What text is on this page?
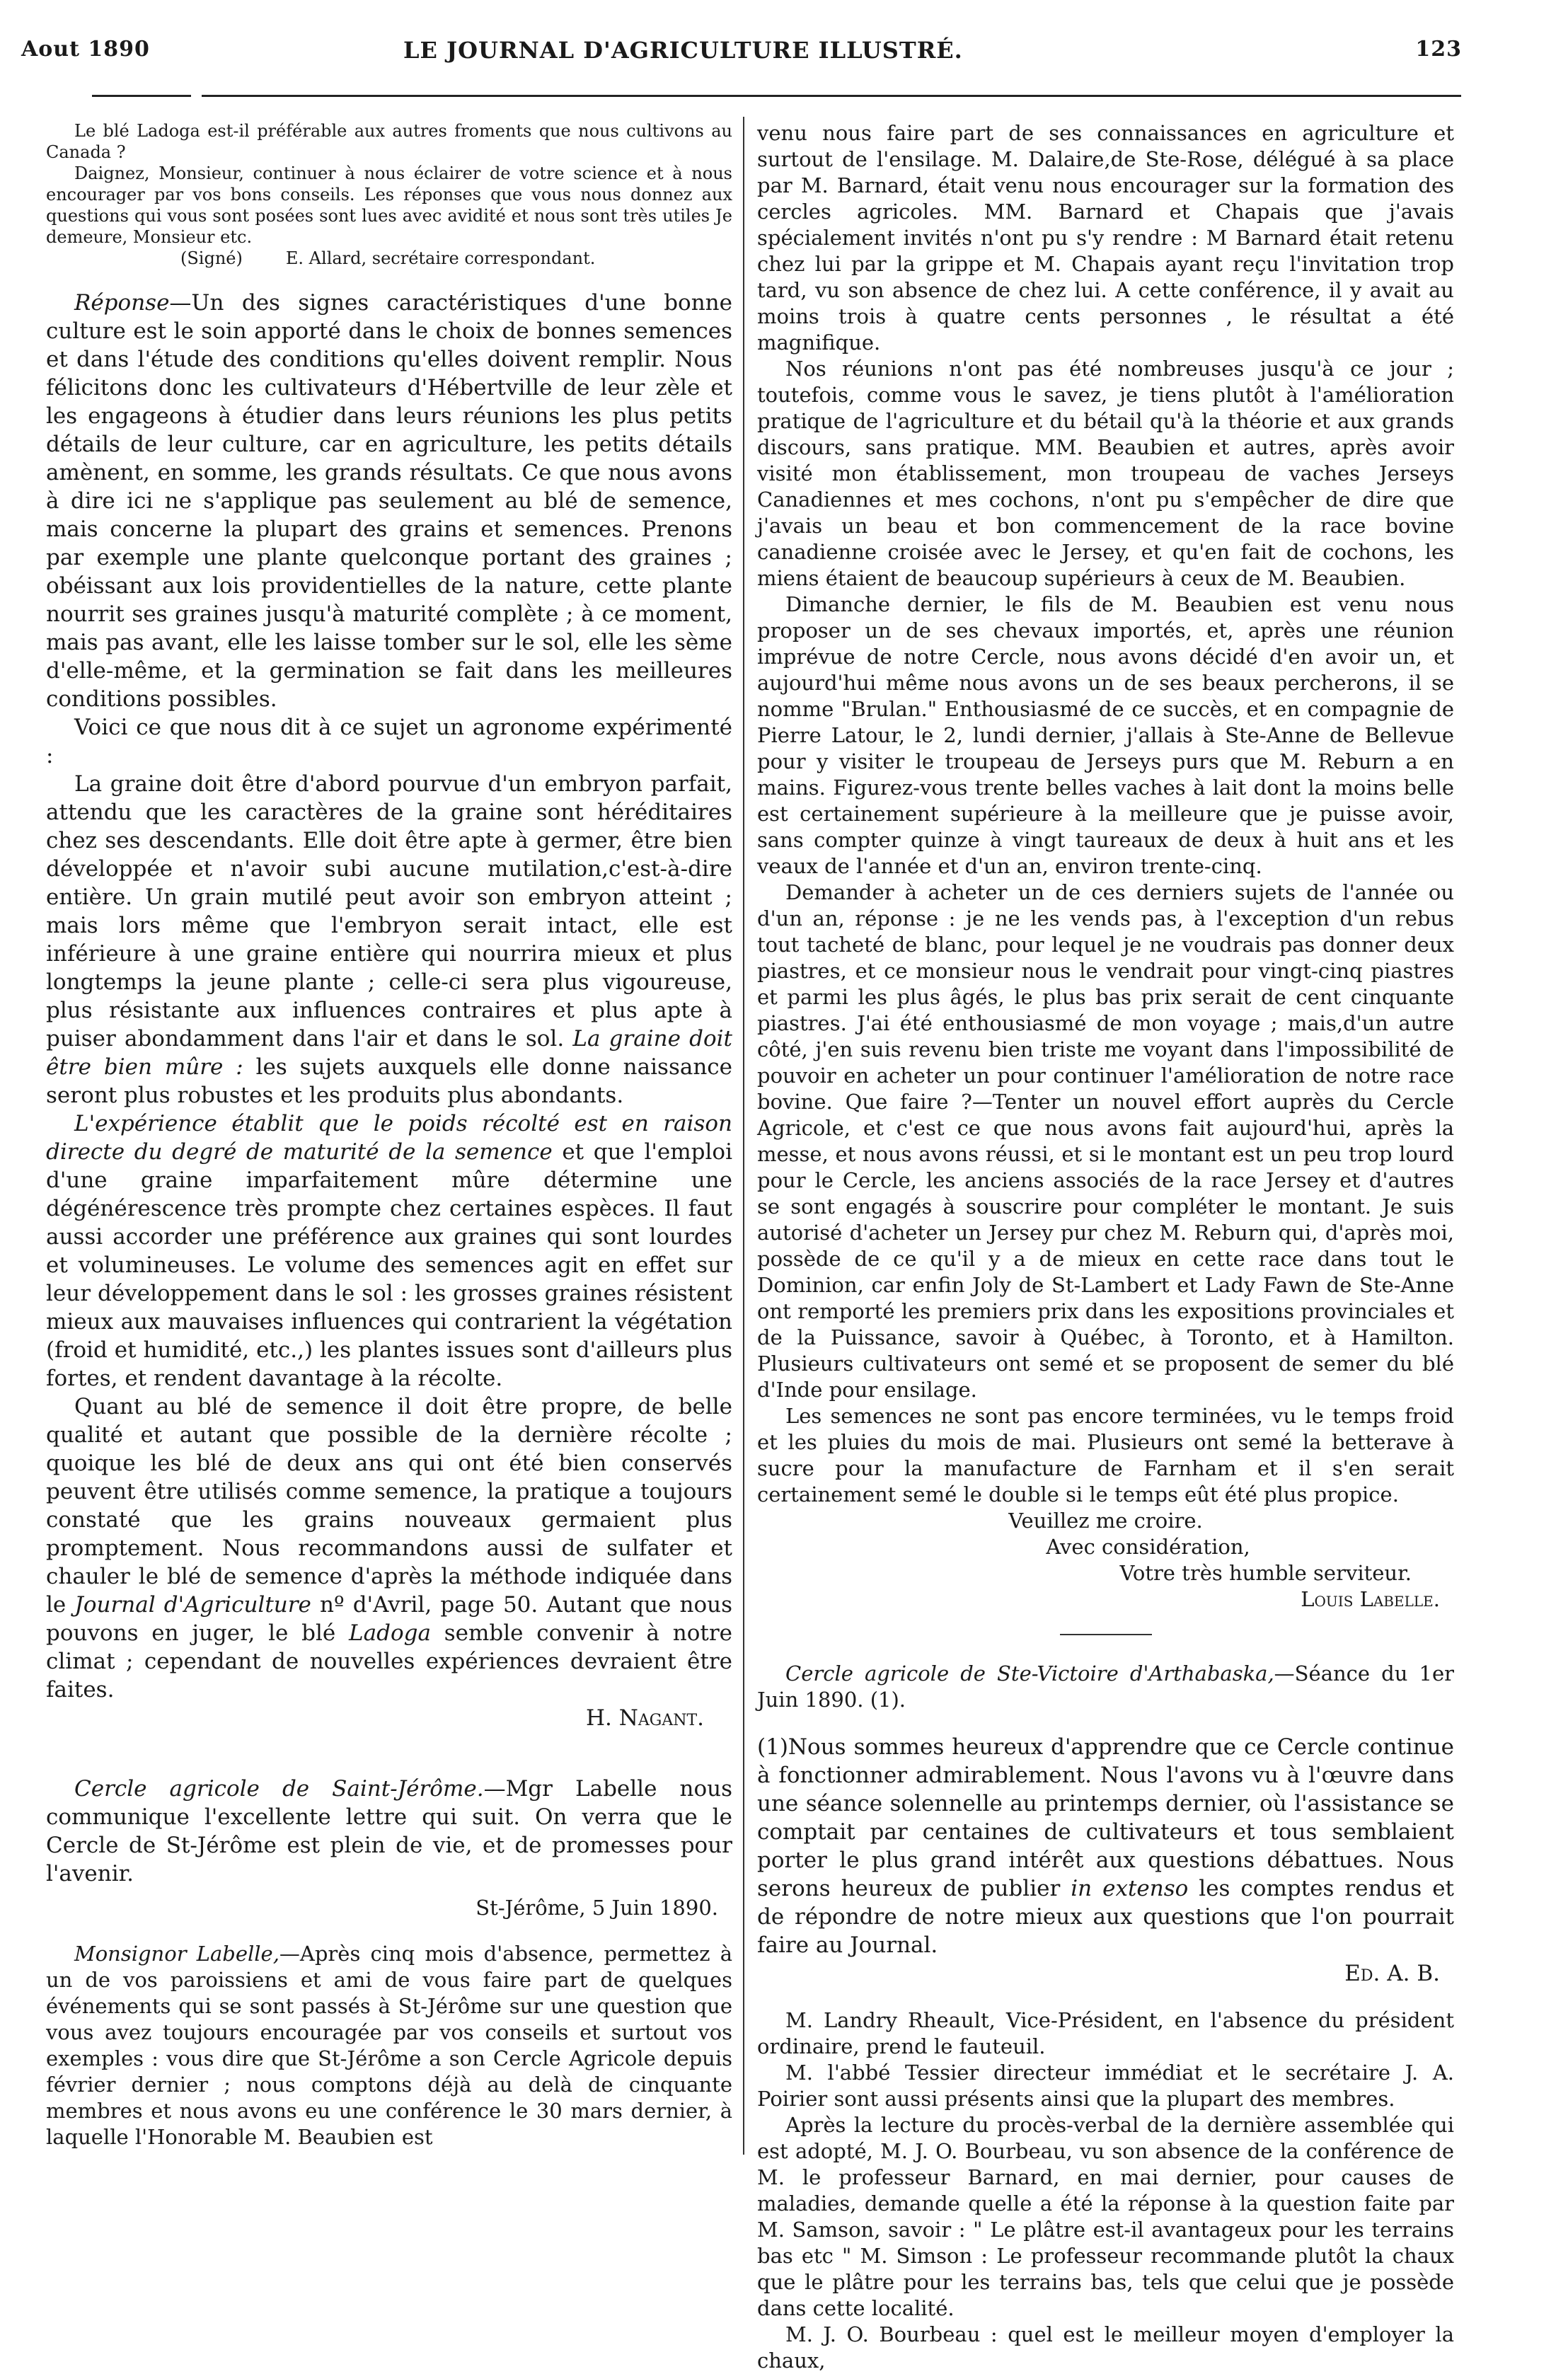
Aout 1890	LE JOURNAL D'AGRICULTURE ILLUSTRÉ.	123

Le blé Ladoga est-il préférable aux autres froments que nous cultivons au Canada ?

Daignez, Monsieur, continuer à nous éclairer de votre science et à nous encourager par vos bons conseils. Les réponses que vous nous donnez aux questions qui vous sont posées sont lues avec avidité et nous sont très utiles Je demeure, Monsieur etc.

(Signé)	E. Allard, secrétaire correspondant.

Réponse—Un des signes caractéristiques d'une bonne culture est le soin apporté dans le choix de bonnes semences et dans l'étude des conditions qu'elles doivent remplir. Nous félicitons donc les cultivateurs d'Hébertville de leur zèle et les engageons à étudier dans leurs réunions les plus petits détails de leur culture, car en agriculture, les petits détails amènent, en somme, les grands résultats. Ce que nous avons à dire ici ne s'applique pas seulement au blé de semence, mais concerne la plupart des grains et semences. Prenons par exemple une plante quelconque portant des graines ; obéissant aux lois providentielles de la nature, cette plante nourrit ses graines jusqu'à maturité complète ; à ce moment, mais pas avant, elle les laisse tomber sur le sol, elle les sème d'elle-même, et la germination se fait dans les meilleures conditions possibles.

Voici ce que nous dit à ce sujet un agronome expérimenté :

La graine doit être d'abord pourvue d'un embryon parfait, attendu que les caractères de la graine sont héréditaires chez ses descendants. Elle doit être apte à germer, être bien développée et n'avoir subi aucune mutilation,c'est-à-dire entière. Un grain mutilé peut avoir son embryon atteint ; mais lors même que l'embryon serait intact, elle est inférieure à une graine entière qui nourrira mieux et plus longtemps la jeune plante ; celle-ci sera plus vigoureuse, plus résistante aux influences contraires et plus apte à puiser abondamment dans l'air et dans le sol. La graine doit être bien mûre : les sujets auxquels elle donne naissance seront plus robustes et les produits plus abondants.

L'expérience établit que le poids récolté est en raison directe du degré de maturité de la semence et que l'emploi d'une graine imparfaitement mûre détermine une dégénérescence très prompte chez certaines espèces. Il faut aussi accorder une préférence aux graines qui sont lourdes et volumineuses. Le volume des semences agit en effet sur leur développement dans le sol : les grosses graines résistent mieux aux mauvaises influences qui contrarient la végétation (froid et humidité, etc.,) les plantes issues sont d'ailleurs plus fortes, et rendent davantage à la récolte.

Quant au blé de semence il doit être propre, de belle qualité et autant que possible de la dernière récolte ; quoique les blé de deux ans qui ont été bien conservés peuvent être utilisés comme semence, la pratique a toujours constaté que les grains nouveaux germaient plus promptement. Nous recommandons aussi de sulfater et chauler le blé de semence d'après la méthode indiquée dans le Journal d'Agriculture nº d'Avril, page 50. Autant que nous pouvons en juger, le blé Ladoga semble convenir à notre climat ; cependant de nouvelles expériences devraient être faites.

H. Nagant.

Cercle agricole de Saint-Jérôme.—Mgr Labelle nous communique l'excellente lettre qui suit. On verra que le Cercle de St-Jérôme est plein de vie, et de promesses pour l'avenir.

St-Jérôme, 5 Juin 1890.

Monsignor Labelle,—Après cinq mois d'absence, permettez à un de vos paroissiens et ami de vous faire part de quelques événements qui se sont passés à St-Jérôme sur une question que vous avez toujours encouragée par vos conseils et surtout vos exemples : vous dire que St-Jérôme a son Cercle Agricole depuis février dernier ; nous comptons déjà au delà de cinquante membres et nous avons eu une conférence le 30 mars dernier, à laquelle l'Honorable M. Beaubien est

venu nous faire part de ses connaissances en agriculture et surtout de l'ensilage. M. Dalaire,de Ste-Rose, délégué à sa place par M. Barnard, était venu nous encourager sur la formation des cercles agricoles. MM. Barnard et Chapais que j'avais spécialement invités n'ont pu s'y rendre : M Barnard était retenu chez lui par la grippe et M. Chapais ayant reçu l'invitation trop tard, vu son absence de chez lui. A cette conférence, il y avait au moins trois à quatre cents personnes , le résultat a été magnifique.

Nos réunions n'ont pas été nombreuses jusqu'à ce jour ; toutefois, comme vous le savez, je tiens plutôt à l'amélioration pratique de l'agriculture et du bétail qu'à la théorie et aux grands discours, sans pratique. MM. Beaubien et autres, après avoir visité mon établissement, mon troupeau de vaches Jerseys Canadiennes et mes cochons, n'ont pu s'empêcher de dire que j'avais un beau et bon commencement de la race bovine canadienne croisée avec le Jersey, et qu'en fait de cochons, les miens étaient de beaucoup supérieurs à ceux de M. Beaubien.

Dimanche dernier, le fils de M. Beaubien est venu nous proposer un de ses chevaux importés, et, après une réunion imprévue de notre Cercle, nous avons décidé d'en avoir un, et aujourd'hui même nous avons un de ses beaux percherons, il se nomme "Brulan." Enthousiasmé de ce succès, et en compagnie de Pierre Latour, le 2, lundi dernier, j'allais à Ste-Anne de Bellevue pour y visiter le troupeau de Jerseys purs que M. Reburn a en mains. Figurez-vous trente belles vaches à lait dont la moins belle est certainement supérieure à la meilleure que je puisse avoir, sans compter quinze à vingt taureaux de deux à huit ans et les veaux de l'année et d'un an, environ trente-cinq.

Demander à acheter un de ces derniers sujets de l'année ou d'un an, réponse : je ne les vends pas, à l'exception d'un rebus tout tacheté de blanc, pour lequel je ne voudrais pas donner deux piastres, et ce monsieur nous le vendrait pour vingt-cinq piastres et parmi les plus âgés, le plus bas prix serait de cent cinquante piastres. J'ai été enthousiasmé de mon voyage ; mais,d'un autre côté, j'en suis revenu bien triste me voyant dans l'impossibilité de pouvoir en acheter un pour continuer l'amélioration de notre race bovine. Que faire ?—Tenter un nouvel effort auprès du Cercle Agricole, et c'est ce que nous avons fait aujourd'hui, après la messe, et nous avons réussi, et si le montant est un peu trop lourd pour le Cercle, les anciens associés de la race Jersey et d'autres se sont engagés à souscrire pour compléter le montant. Je suis autorisé d'acheter un Jersey pur chez M. Reburn qui, d'après moi, possède de ce qu'il y a de mieux en cette race dans tout le Dominion, car enfin Joly de St-Lambert et Lady Fawn de Ste-Anne ont remporté les premiers prix dans les expositions provinciales et de la Puissance, savoir à Québec, à Toronto, et à Hamilton. Plusieurs cultivateurs ont semé et se proposent de semer du blé d'Inde pour ensilage.

Les semences ne sont pas encore terminées, vu le temps froid et les pluies du mois de mai. Plusieurs ont semé la betterave à sucre pour la manufacture de Farnham et il s'en serait certainement semé le double si le temps eût été plus propice.

Veuillez me croire.

Avec considération,

Votre très humble serviteur.

Louis Labelle.

Cercle agricole de Ste-Victoire d'Arthabaska,—Séance du 1er Juin 1890. (1).

(1)Nous sommes heureux d'apprendre que ce Cercle continue à fonctionner admirablement. Nous l'avons vu à l'œuvre dans une séance solennelle au printemps dernier, où l'assistance se comptait par centaines de cultivateurs et tous semblaient porter le plus grand intérêt aux questions débattues. Nous serons heureux de publier in extenso les comptes rendus et de répondre de notre mieux aux questions que l'on pourrait faire au Journal.

Ed. A. B.

M. Landry Rheault, Vice-Président, en l'absence du président ordinaire, prend le fauteuil.

M. l'abbé Tessier directeur immédiat et le secrétaire J. A. Poirier sont aussi présents ainsi que la plupart des membres.

Après la lecture du procès-verbal de la dernière assemblée qui est adopté, M. J. O. Bourbeau, vu son absence de la conférence de M. le professeur Barnard, en mai dernier, pour causes de maladies, demande quelle a été la réponse à la question faite par M. Samson, savoir : " Le plâtre est-il avantageux pour les terrains bas etc " M. Simson : Le professeur recommande plutôt la chaux que le plâtre pour les terrains bas, tels que celui que je possède dans cette localité.

M. J. O. Bourbeau : quel est le meilleur moyen d'employer la chaux,
